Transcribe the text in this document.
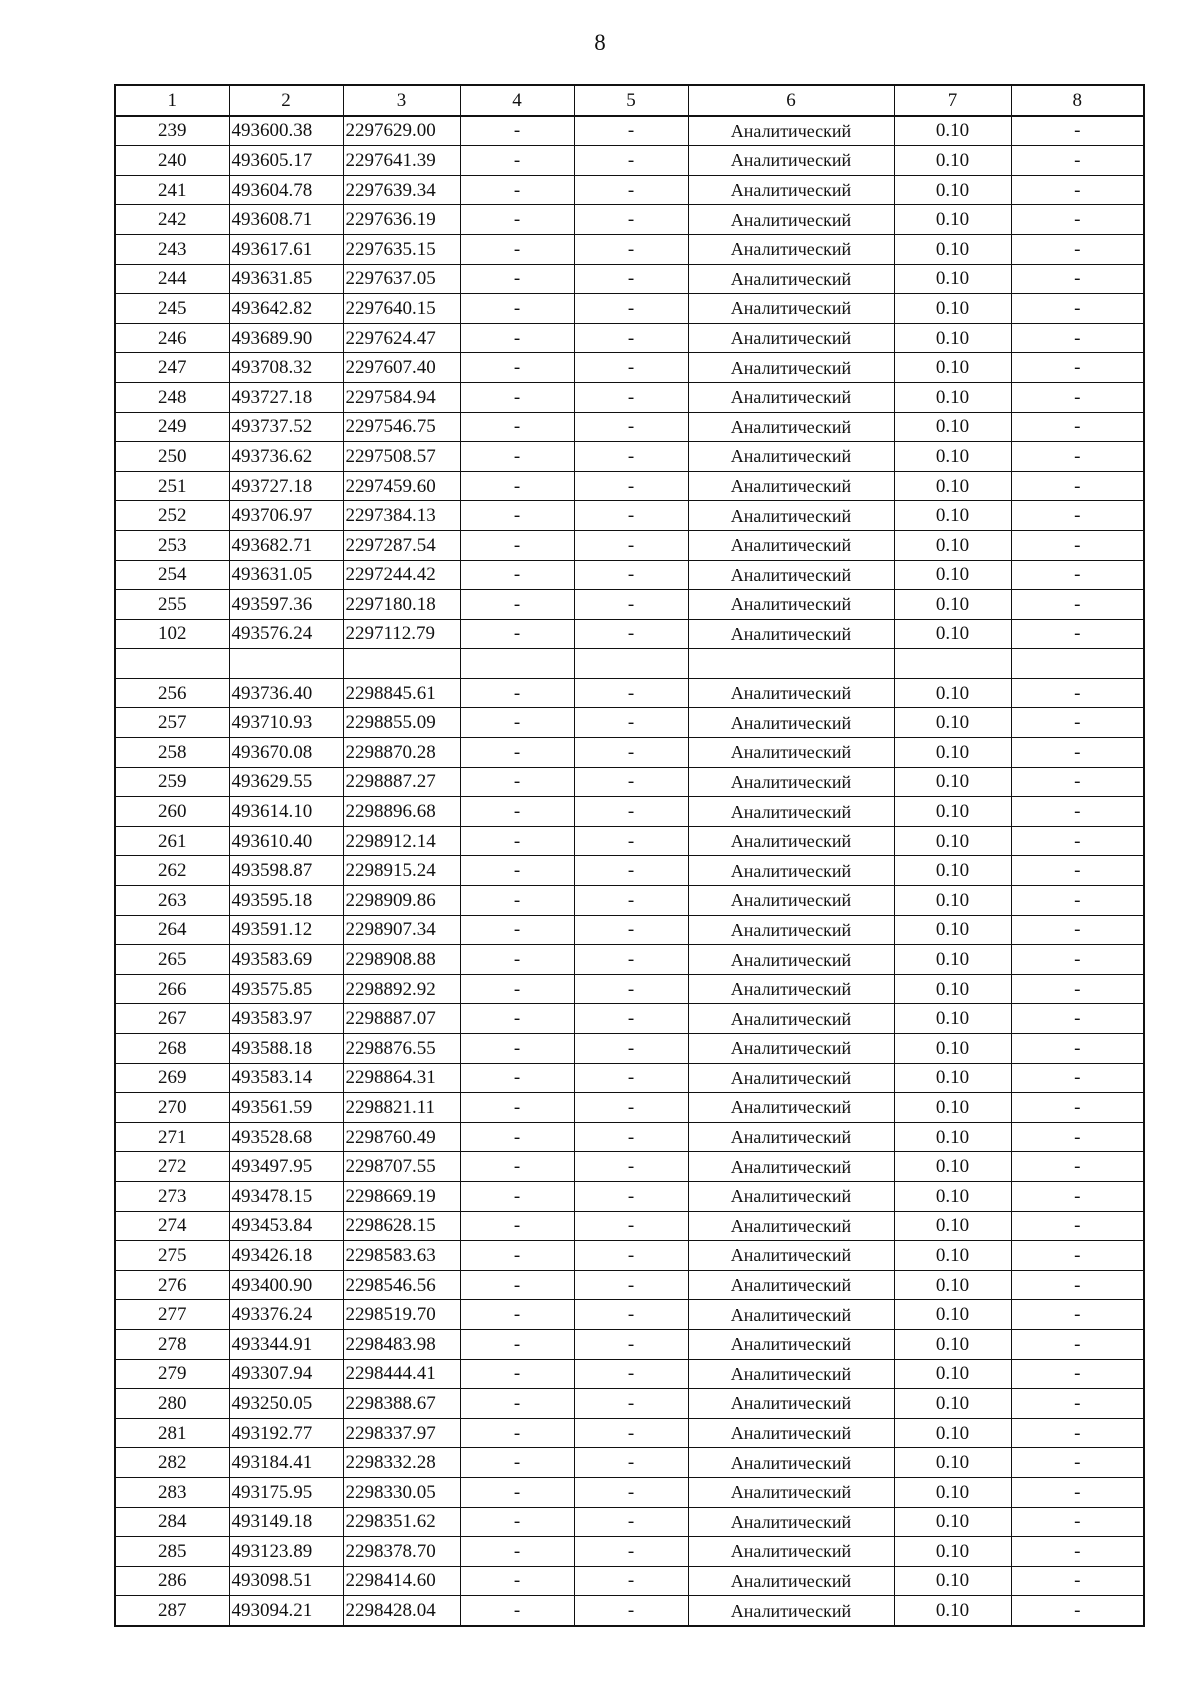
8
1	2	3	4	5	6	7	8
239	493600.38	2297629.00	-	-	Аналитический	0.10	-
240	493605.17	2297641.39	-	-	Аналитический	0.10	-
241	493604.78	2297639.34	-	-	Аналитический	0.10	-
242	493608.71	2297636.19	-	-	Аналитический	0.10	-
243	493617.61	2297635.15	-	-	Аналитический	0.10	-
244	493631.85	2297637.05	-	-	Аналитический	0.10	-
245	493642.82	2297640.15	-	-	Аналитический	0.10	-
246	493689.90	2297624.47	-	-	Аналитический	0.10	-
247	493708.32	2297607.40	-	-	Аналитический	0.10	-
248	493727.18	2297584.94	-	-	Аналитический	0.10	-
249	493737.52	2297546.75	-	-	Аналитический	0.10	-
250	493736.62	2297508.57	-	-	Аналитический	0.10	-
251	493727.18	2297459.60	-	-	Аналитический	0.10	-
252	493706.97	2297384.13	-	-	Аналитический	0.10	-
253	493682.71	2297287.54	-	-	Аналитический	0.10	-
254	493631.05	2297244.42	-	-	Аналитический	0.10	-
255	493597.36	2297180.18	-	-	Аналитический	0.10	-
102	493576.24	2297112.79	-	-	Аналитический	0.10	-

256	493736.40	2298845.61	-	-	Аналитический	0.10	-
257	493710.93	2298855.09	-	-	Аналитический	0.10	-
258	493670.08	2298870.28	-	-	Аналитический	0.10	-
259	493629.55	2298887.27	-	-	Аналитический	0.10	-
260	493614.10	2298896.68	-	-	Аналитический	0.10	-
261	493610.40	2298912.14	-	-	Аналитический	0.10	-
262	493598.87	2298915.24	-	-	Аналитический	0.10	-
263	493595.18	2298909.86	-	-	Аналитический	0.10	-
264	493591.12	2298907.34	-	-	Аналитический	0.10	-
265	493583.69	2298908.88	-	-	Аналитический	0.10	-
266	493575.85	2298892.92	-	-	Аналитический	0.10	-
267	493583.97	2298887.07	-	-	Аналитический	0.10	-
268	493588.18	2298876.55	-	-	Аналитический	0.10	-
269	493583.14	2298864.31	-	-	Аналитический	0.10	-
270	493561.59	2298821.11	-	-	Аналитический	0.10	-
271	493528.68	2298760.49	-	-	Аналитический	0.10	-
272	493497.95	2298707.55	-	-	Аналитический	0.10	-
273	493478.15	2298669.19	-	-	Аналитический	0.10	-
274	493453.84	2298628.15	-	-	Аналитический	0.10	-
275	493426.18	2298583.63	-	-	Аналитический	0.10	-
276	493400.90	2298546.56	-	-	Аналитический	0.10	-
277	493376.24	2298519.70	-	-	Аналитический	0.10	-
278	493344.91	2298483.98	-	-	Аналитический	0.10	-
279	493307.94	2298444.41	-	-	Аналитический	0.10	-
280	493250.05	2298388.67	-	-	Аналитический	0.10	-
281	493192.77	2298337.97	-	-	Аналитический	0.10	-
282	493184.41	2298332.28	-	-	Аналитический	0.10	-
283	493175.95	2298330.05	-	-	Аналитический	0.10	-
284	493149.18	2298351.62	-	-	Аналитический	0.10	-
285	493123.89	2298378.70	-	-	Аналитический	0.10	-
286	493098.51	2298414.60	-	-	Аналитический	0.10	-
287	493094.21	2298428.04	-	-	Аналитический	0.10	-
